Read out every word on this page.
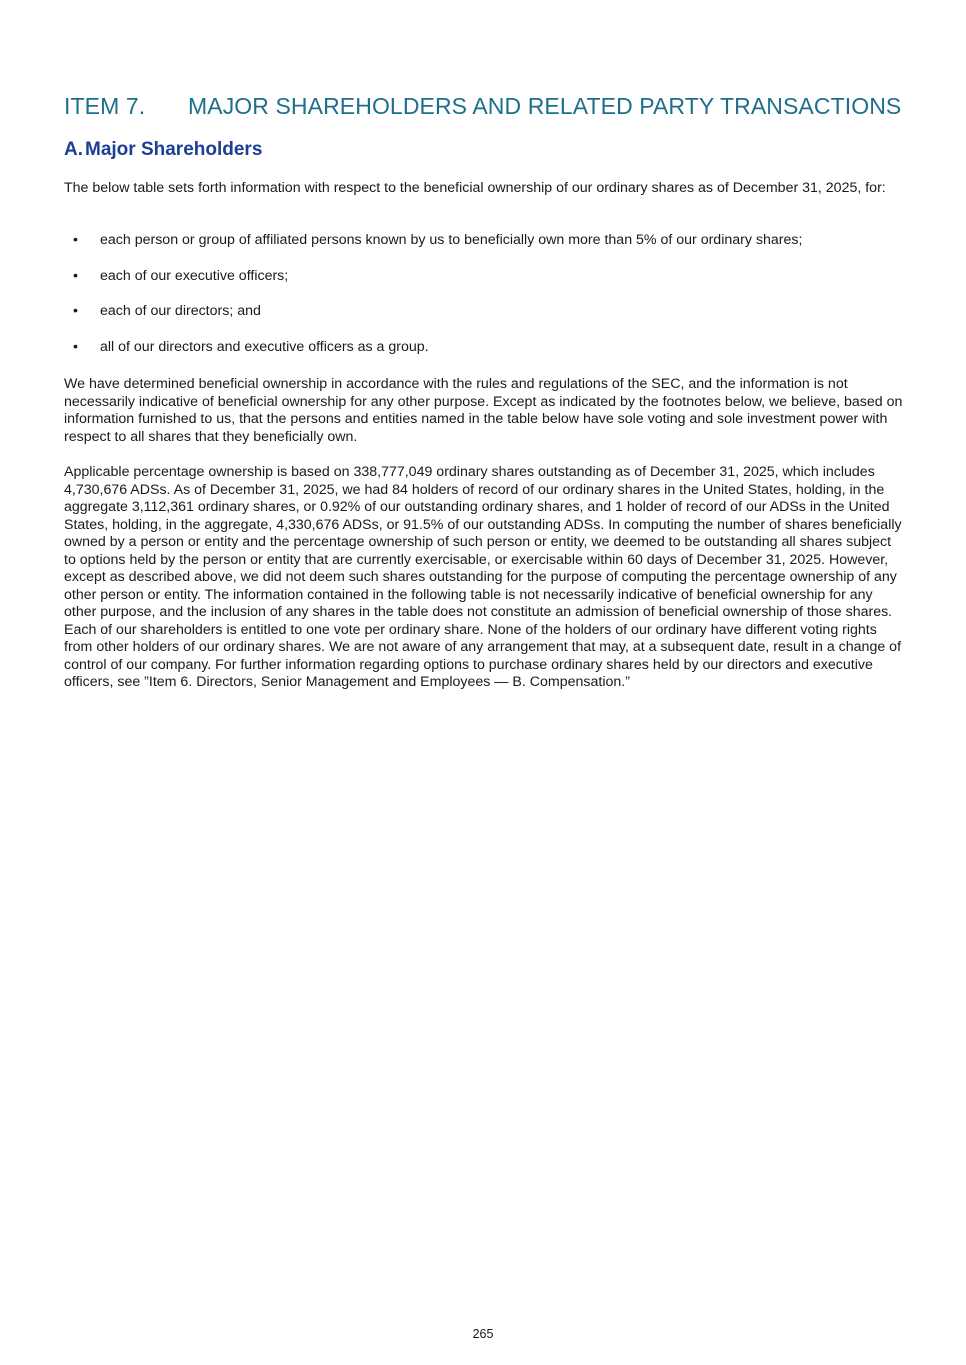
ITEM 7. MAJOR SHAREHOLDERS AND RELATED PARTY TRANSACTIONS
A. Major Shareholders

The below table sets forth information with respect to the beneficial ownership of our ordinary shares as of December 31, 2025, for:

• each person or group of affiliated persons known by us to beneficially own more than 5% of our ordinary shares;
• each of our executive officers;
• each of our directors; and
• all of our directors and executive officers as a group.

We have determined beneficial ownership in accordance with the rules and regulations of the SEC, and the information is not necessarily indicative of beneficial ownership for any other purpose. Except as indicated by the footnotes below, we believe, based on information furnished to us, that the persons and entities named in the table below have sole voting and sole investment power with respect to all shares that they beneficially own.

Applicable percentage ownership is based on 338,777,049 ordinary shares outstanding as of December 31, 2025, which includes 4,730,676 ADSs. As of December 31, 2025, we had 84 holders of record of our ordinary shares in the United States, holding, in the aggregate 3,112,361 ordinary shares, or 0.92% of our outstanding ordinary shares, and 1 holder of record of our ADSs in the United States, holding, in the aggregate, 4,330,676 ADSs, or 91.5% of our outstanding ADSs. In computing the number of shares beneficially owned by a person or entity and the percentage ownership of such person or entity, we deemed to be outstanding all shares subject to options held by the person or entity that are currently exercisable, or exercisable within 60 days of December 31, 2025. However, except as described above, we did not deem such shares outstanding for the purpose of computing the percentage ownership of any other person or entity. The information contained in the following table is not necessarily indicative of beneficial ownership for any other purpose, and the inclusion of any shares in the table does not constitute an admission of beneficial ownership of those shares. Each of our shareholders is entitled to one vote per ordinary share. None of the holders of our ordinary have different voting rights from other holders of our ordinary shares. We are not aware of any arrangement that may, at a subsequent date, result in a change of control of our company. For further information regarding options to purchase ordinary shares held by our directors and executive officers, see ”Item 6. Directors, Senior Management and Employees — B. Compensation.”

265
